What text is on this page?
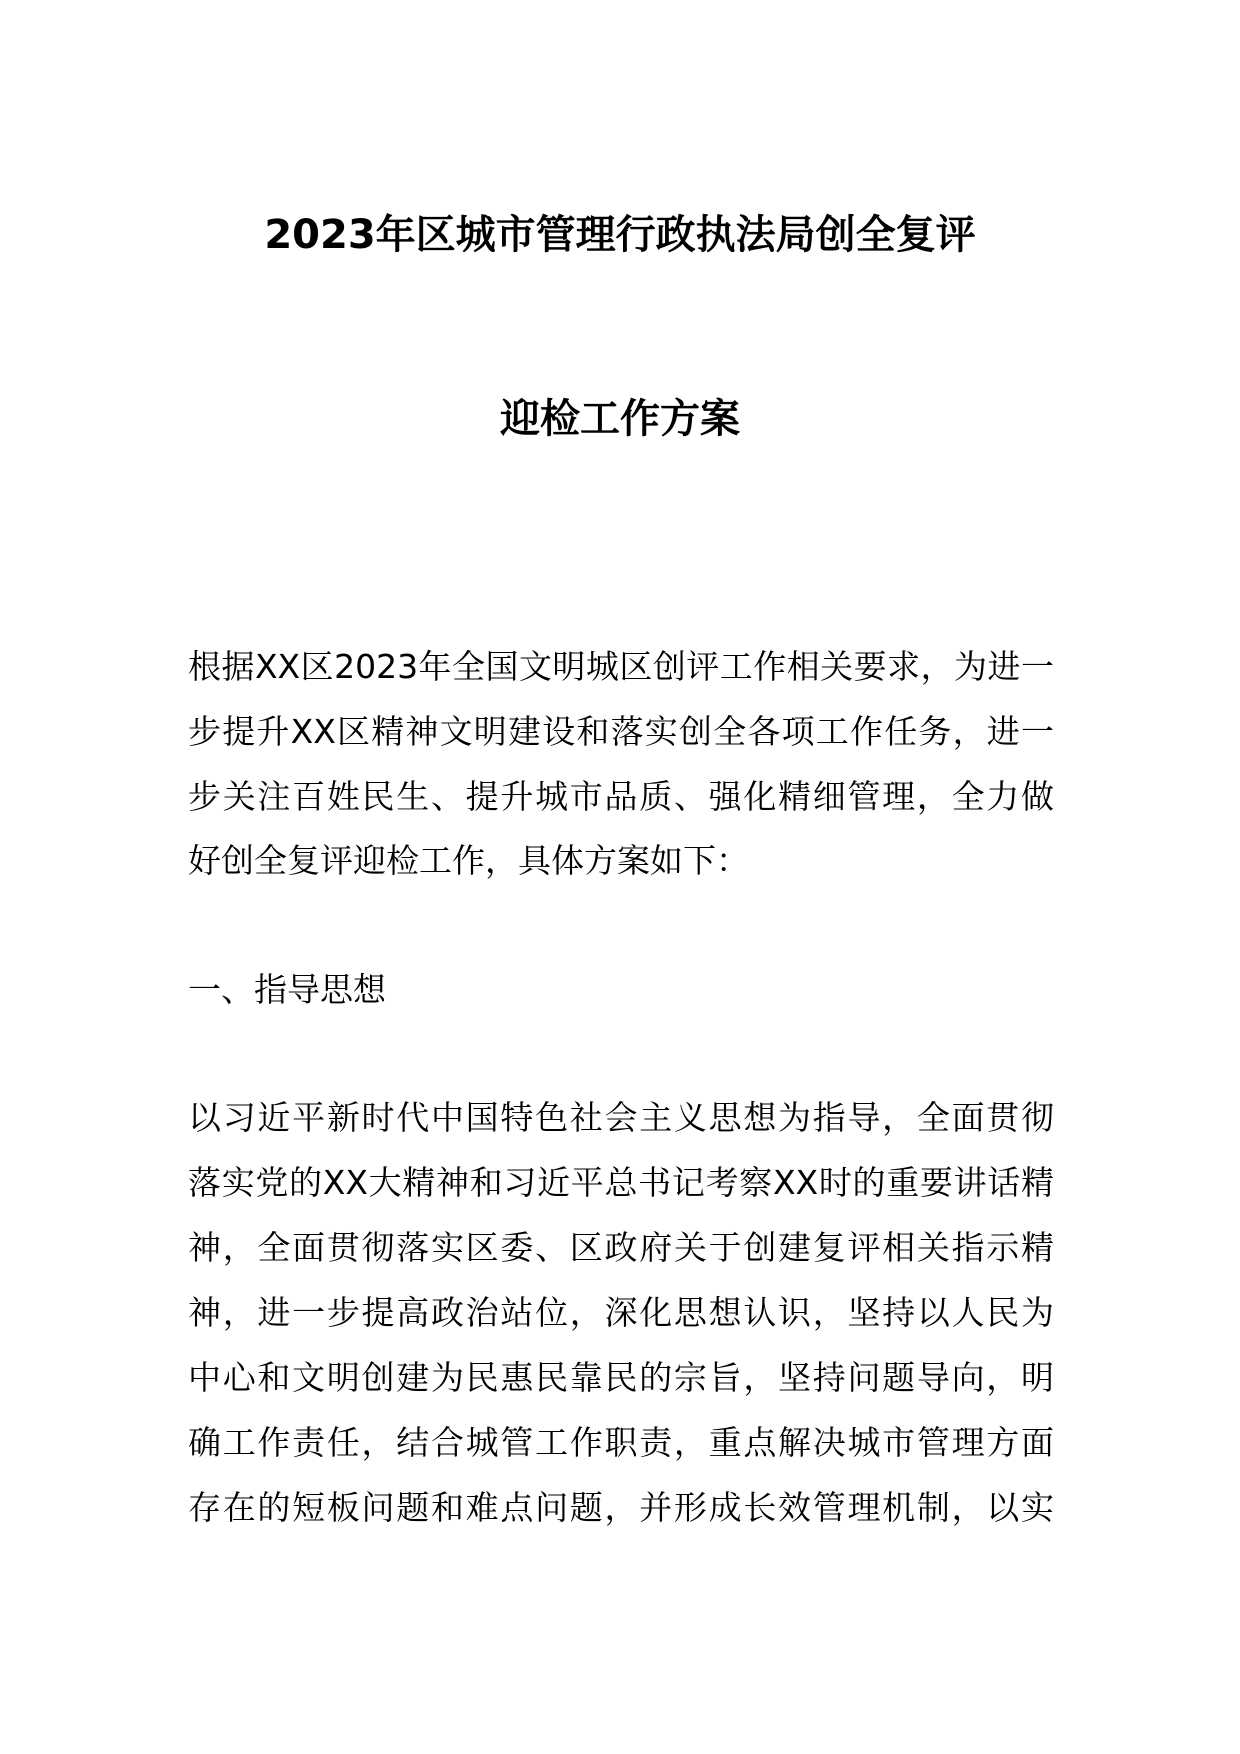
2023年区城市管理行政执法局创全复评
迎检工作方案
根据XX区2023年全国文明城区创评工作相关要求，为进一
步提升XX区精神文明建设和落实创全各项工作任务，进一
步关注百姓民生、提升城市品质、强化精细管理，全力做
好创全复评迎检工作，具体方案如下：
一、指导思想
以习近平新时代中国特色社会主义思想为指导，全面贯彻
落实党的XX大精神和习近平总书记考察XX时的重要讲话精
神，全面贯彻落实区委、区政府关于创建复评相关指示精
神，进一步提高政治站位，深化思想认识，坚持以人民为
中心和文明创建为民惠民靠民的宗旨，坚持问题导向，明
确工作责任，结合城管工作职责，重点解决城市管理方面
存在的短板问题和难点问题，并形成长效管理机制，以实
